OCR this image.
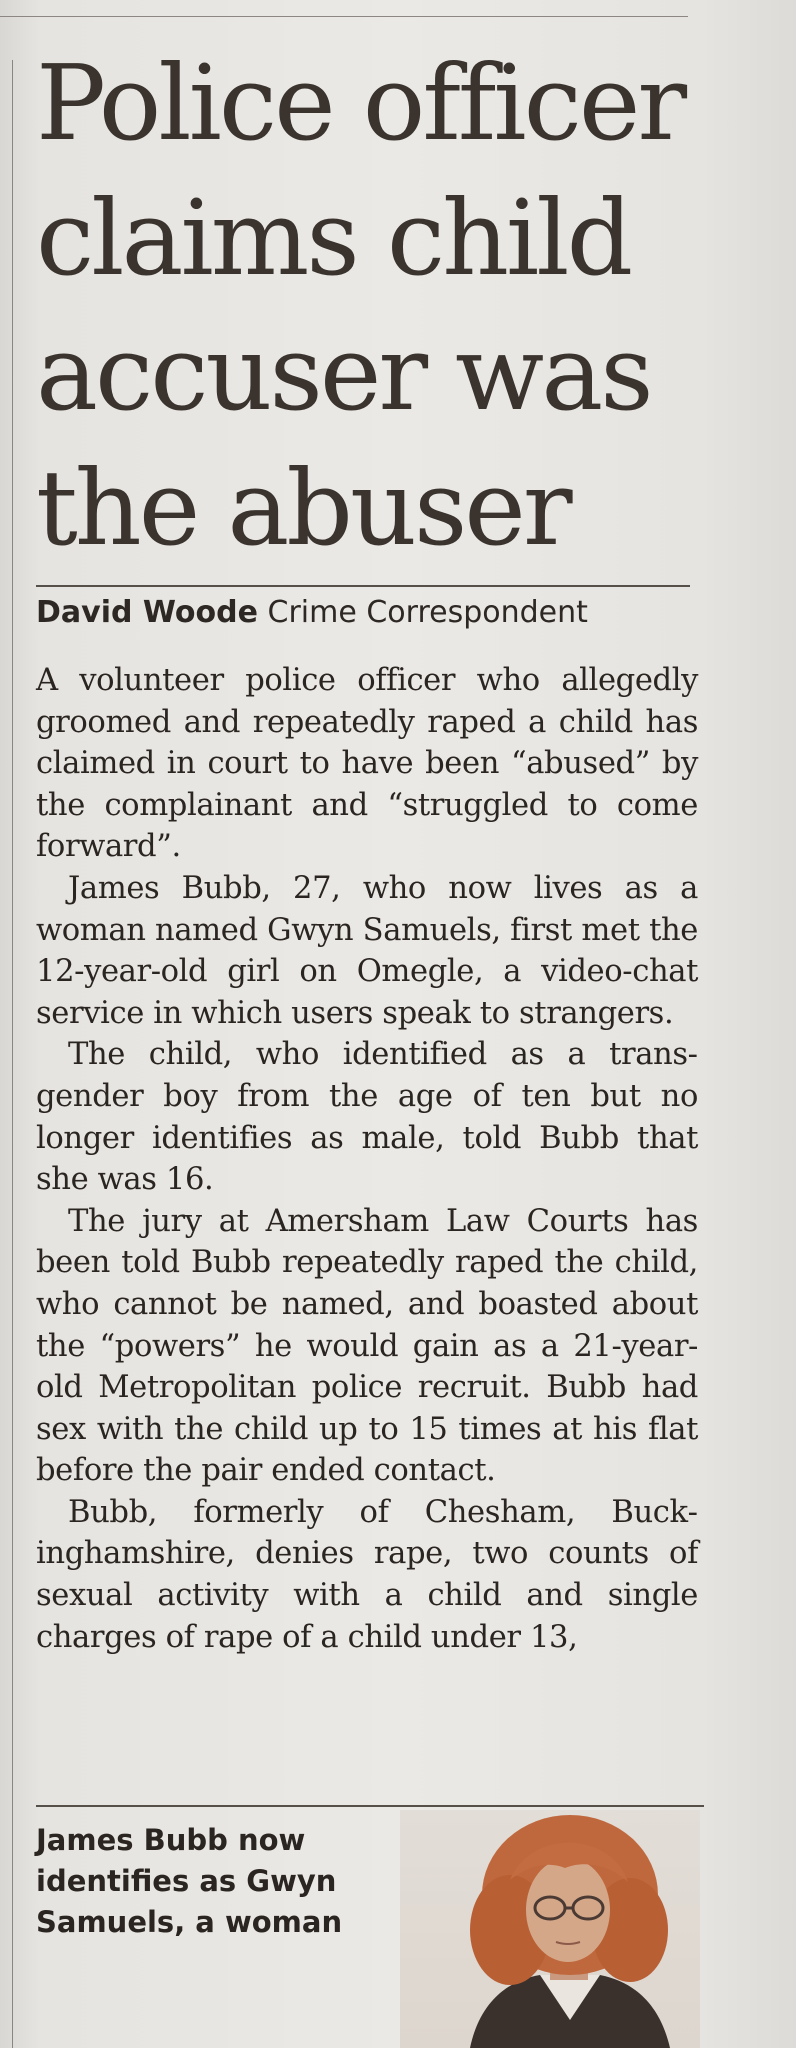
Police officer
claims child
accuser was
the abuser
David Woode Crime Correspondent

A volunteer police officer who allegedly groomed and repeatedly raped a child has claimed in court to have been “abused” by the complainant and “struggled to come forward”.

James Bubb, 27, who now lives as a woman named Gwyn Samuels, first met the 12-year-old girl on Omegle, a video-chat service in which users speak to strangers.

The child, who identified as a transgender boy from the age of ten but no longer identifies as male, told Bubb that she was 16.

The jury at Amersham Law Courts has been told Bubb repeatedly raped the child, who cannot be named, and boasted about the “powers” he would gain as a 21-year-old Metropolitan police recruit. Bubb had sex with the child up to 15 times at his flat before the pair ended contact.

Bubb, formerly of Chesham, Buckinghamshire, denies rape, two counts of sexual activity with a child and single charges of rape of a child under 13,

James Bubb now
identifies as Gwyn
Samuels, a woman
